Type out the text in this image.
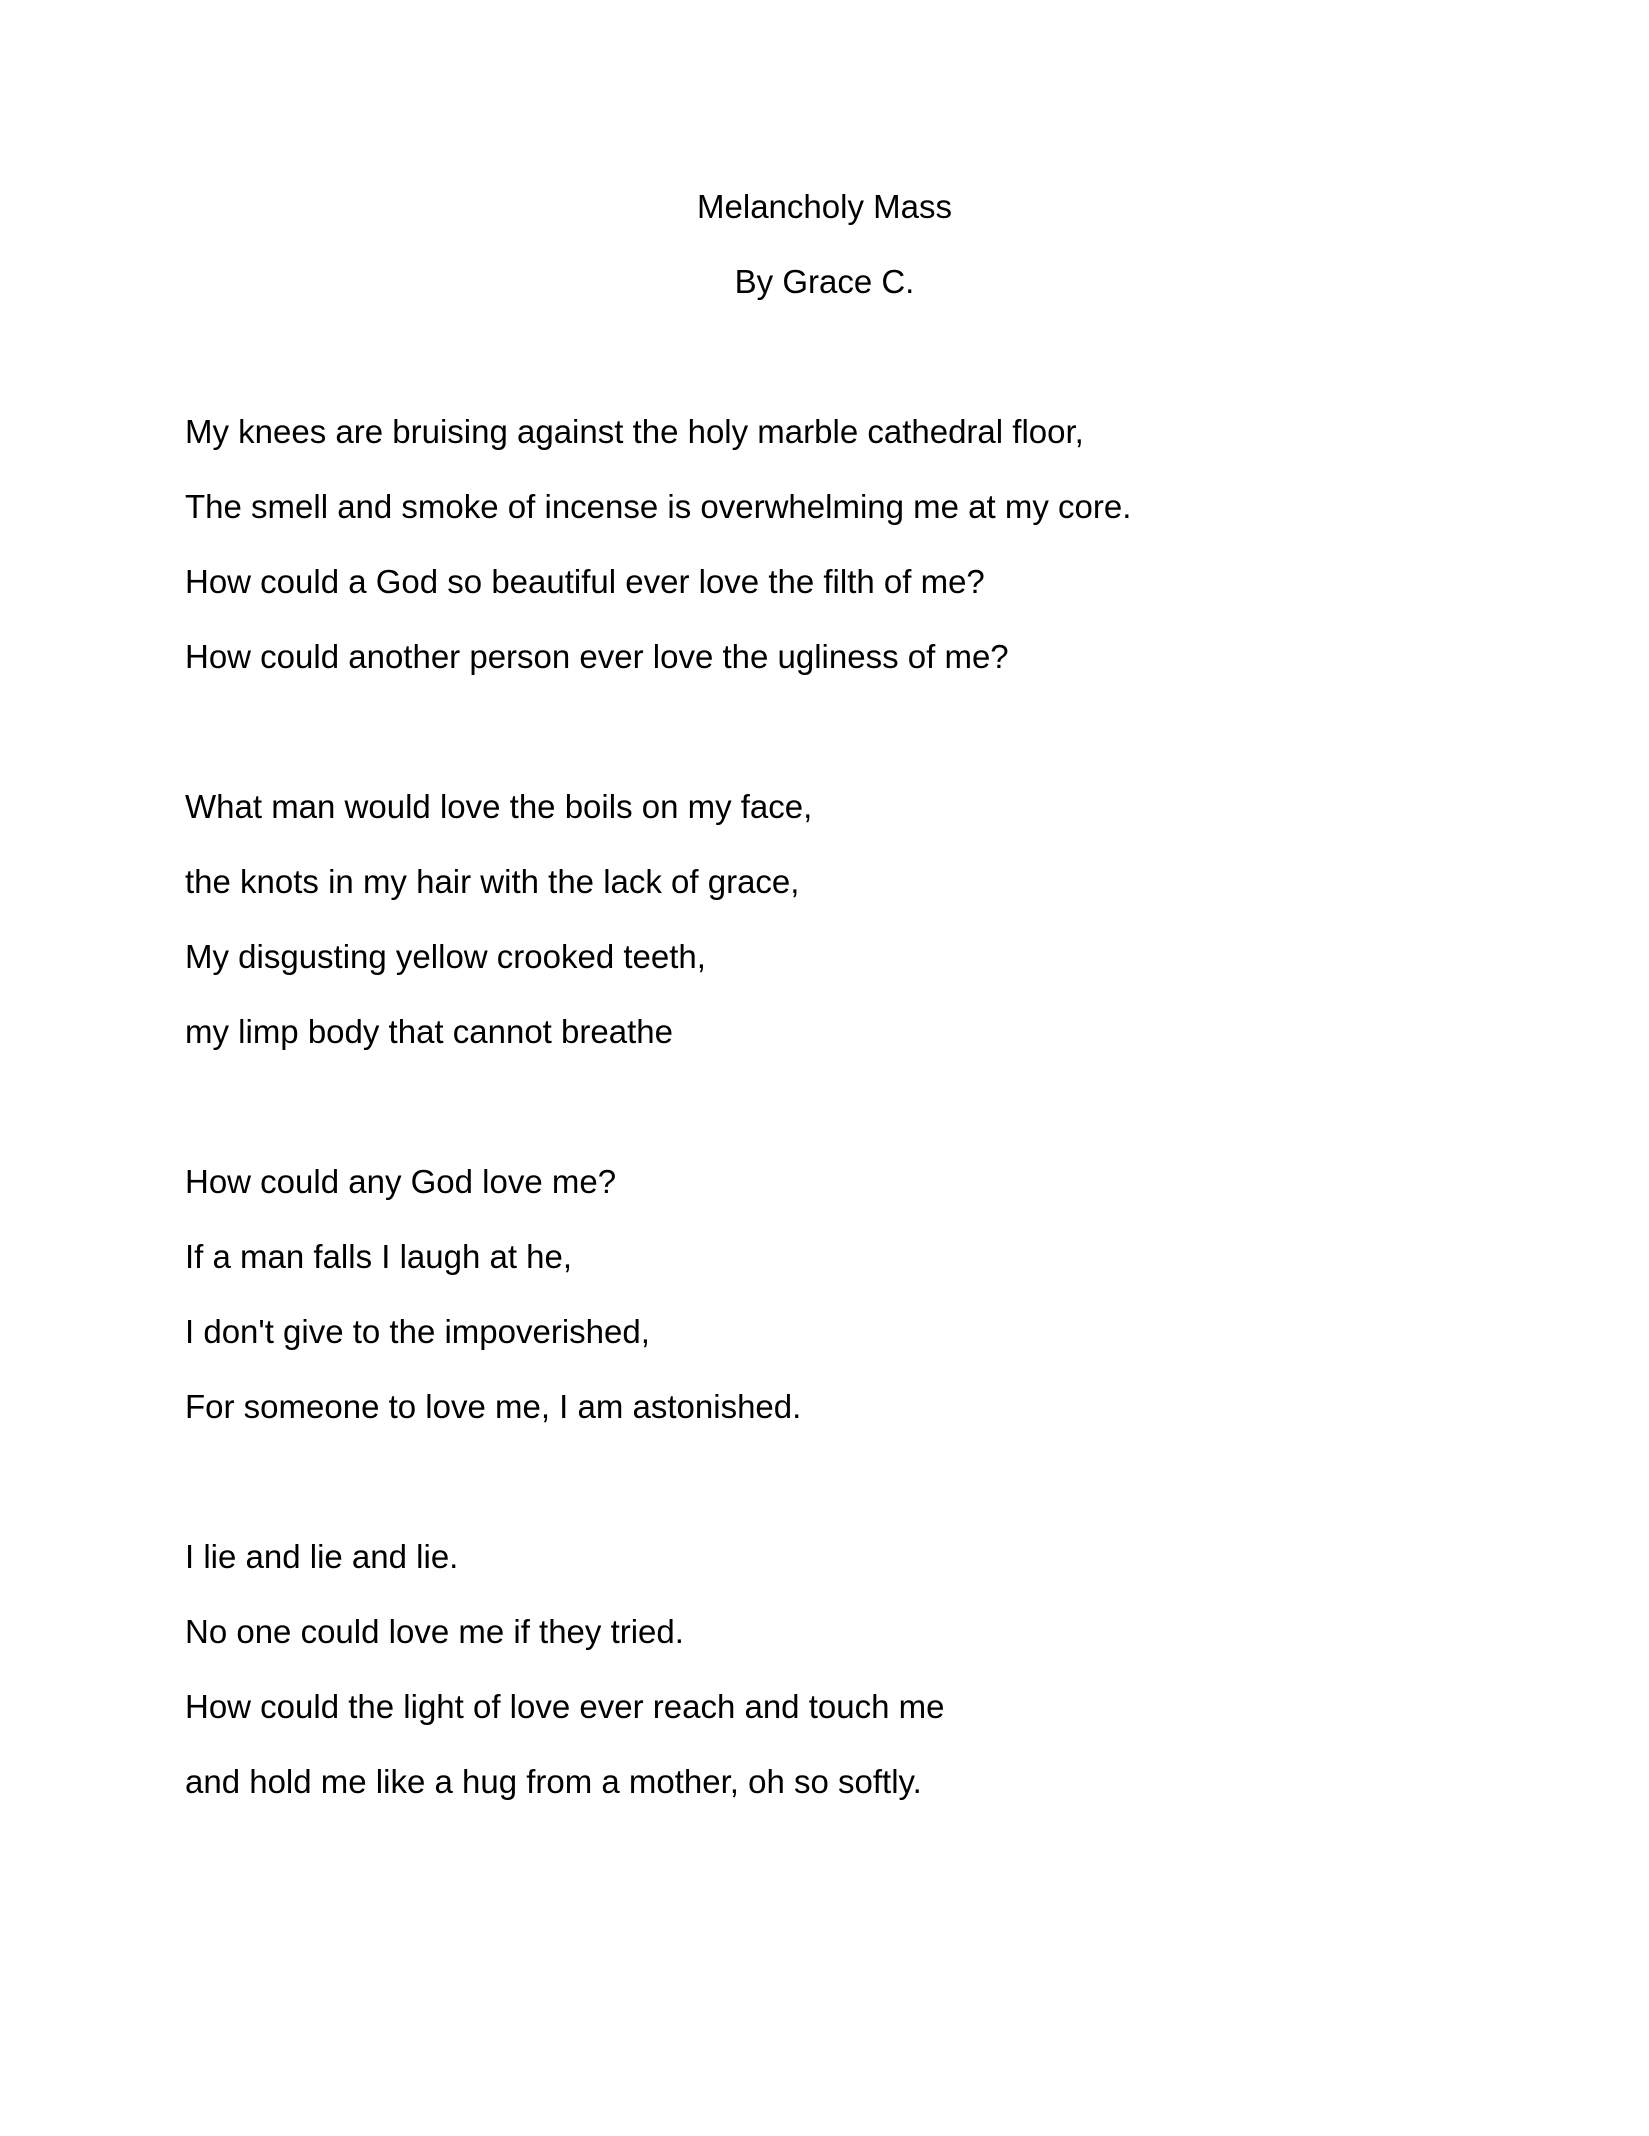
Melancholy Mass
By Grace C.
My knees are bruising against the holy marble cathedral floor,
The smell and smoke of incense is overwhelming me at my core.
How could a God so beautiful ever love the filth of me?
How could another person ever love the ugliness of me?
What man would love the boils on my face,
the knots in my hair with the lack of grace,
My disgusting yellow crooked teeth,
my limp body that cannot breathe
How could any God love me?
If a man falls I laugh at he,
I don't give to the impoverished,
For someone to love me, I am astonished.
I lie and lie and lie.
No one could love me if they tried.
How could the light of love ever reach and touch me
and hold me like a hug from a mother, oh so softly.
